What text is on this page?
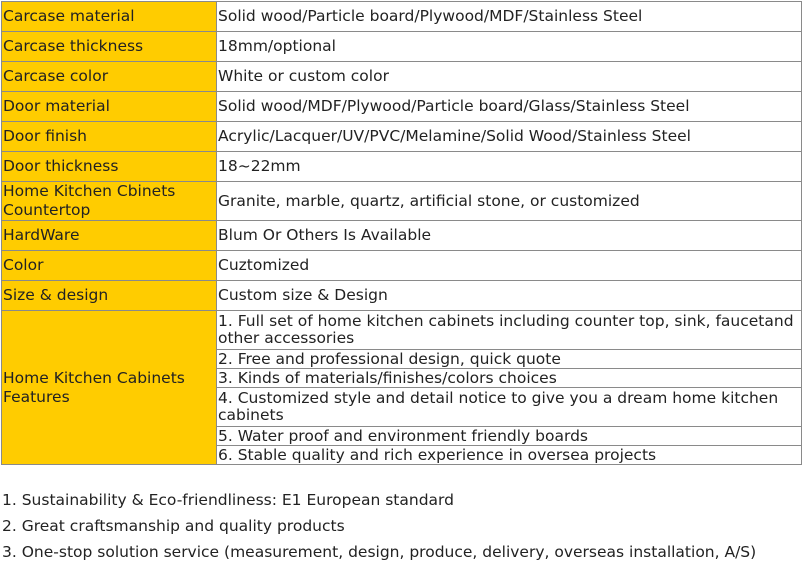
Carcase material	Solid wood/Particle board/Plywood/MDF/Stainless Steel
Carcase thickness	18mm/optional
Carcase color	White or custom color
Door material	Solid wood/MDF/Plywood/Particle board/Glass/Stainless Steel
Door finish	Acrylic/Lacquer/UV/PVC/Melamine/Solid Wood/Stainless Steel
Door thickness	18~22mm
Home Kitchen Cbinets Countertop	Granite, marble, quartz, artificial stone, or customized
HardWare	Blum Or Others Is Available
Color	Cuztomized
Size & design	Custom size & Design
Home Kitchen Cabinets Features	1. Full set of home kitchen cabinets including counter top, sink, faucetand other accessories
	2. Free and professional design, quick quote
	3. Kinds of materials/finishes/colors choices
	4. Customized style and detail notice to give you a dream home kitchen cabinets
	5. Water proof and environment friendly boards
	6. Stable quality and rich experience in oversea projects
1. Sustainability & Eco-friendliness: E1 European standard
2. Great craftsmanship and quality products
3. One-stop solution service (measurement, design, produce, delivery, overseas installation, A/S)
